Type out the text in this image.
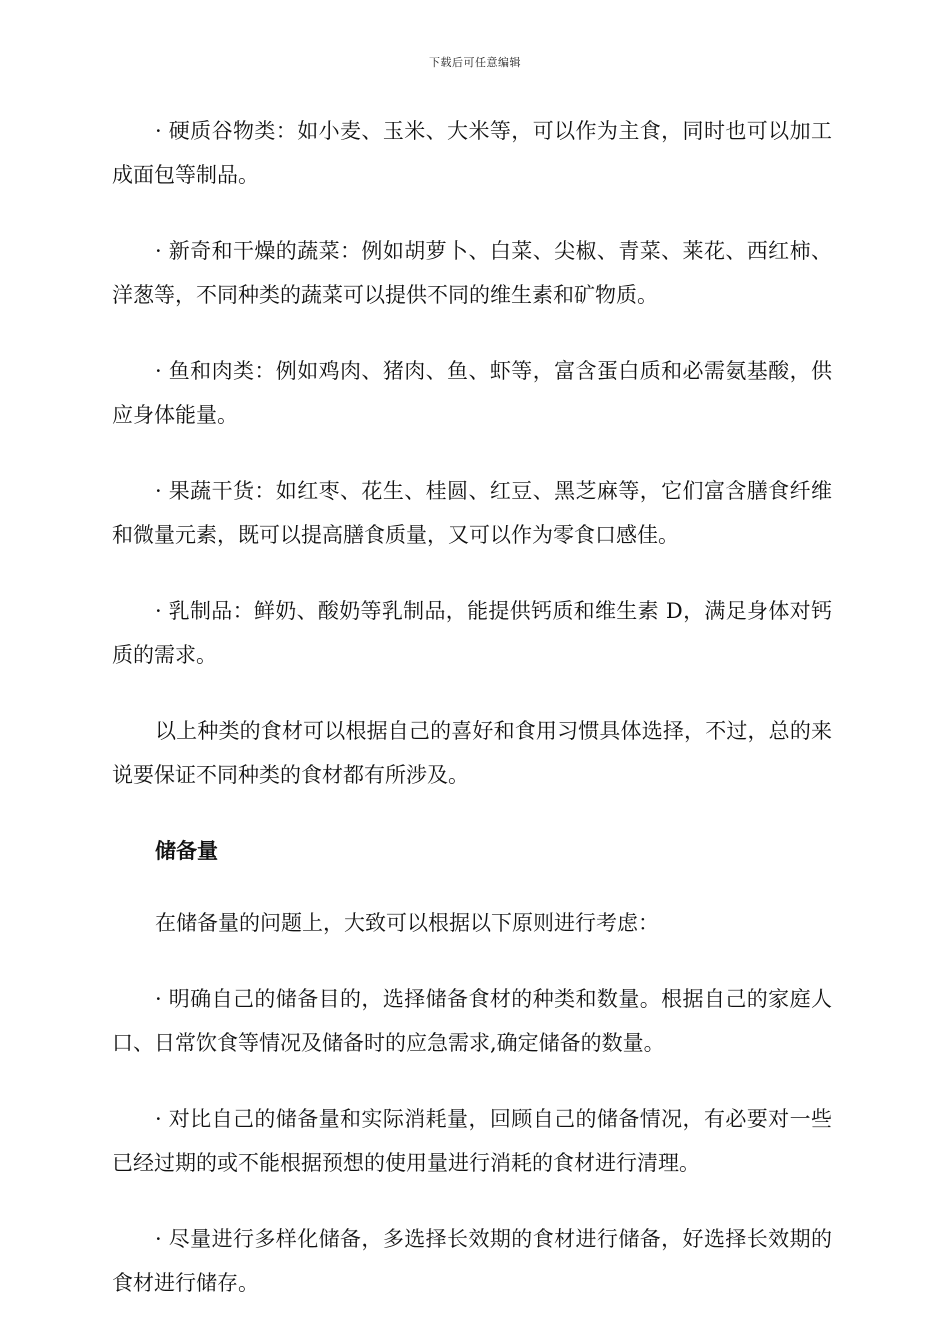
下载后可任意编辑

· 硬质谷物类：如小麦、玉米、大米等，可以作为主食，同时也可以加工成面包等制品。

· 新奇和干燥的蔬菜：例如胡萝卜、白菜、尖椒、青菜、莱花、西红柿、洋葱等，不同种类的蔬菜可以提供不同的维生素和矿物质。

· 鱼和肉类：例如鸡肉、猪肉、鱼、虾等，富含蛋白质和必需氨基酸，供应身体能量。

· 果蔬干货：如红枣、花生、桂圆、红豆、黑芝麻等，它们富含膳食纤维和微量元素，既可以提高膳食质量，又可以作为零食口感佳。

· 乳制品：鲜奶、酸奶等乳制品，能提供钙质和维生素 D，满足身体对钙质的需求。

以上种类的食材可以根据自己的喜好和食用习惯具体选择，不过，总的来说要保证不同种类的食材都有所涉及。

储备量

在储备量的问题上，大致可以根据以下原则进行考虑：

· 明确自己的储备目的，选择储备食材的种类和数量。根据自己的家庭人口、日常饮食等情况及储备时的应急需求,确定储备的数量。

· 对比自己的储备量和实际消耗量，回顾自己的储备情况，有必要对一些已经过期的或不能根据预想的使用量进行消耗的食材进行清理。

· 尽量进行多样化储备，多选择长效期的食材进行储备，好选择长效期的食材进行储存。
